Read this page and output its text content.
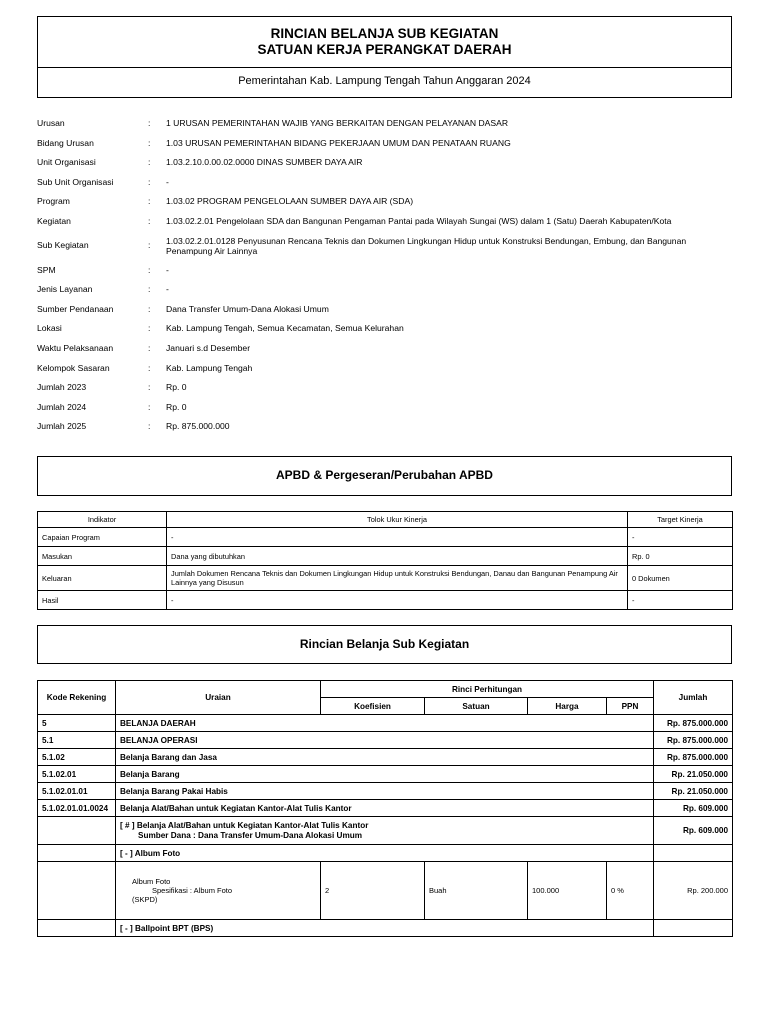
RINCIAN BELANJA SUB KEGIATAN
SATUAN KERJA PERANGKAT DAERAH
Pemerintahan Kab. Lampung Tengah Tahun Anggaran 2024
Urusan	: 1 URUSAN PEMERINTAHAN WAJIB YANG BERKAITAN DENGAN PELAYANAN DASAR
Bidang Urusan	: 1.03 URUSAN PEMERINTAHAN BIDANG PEKERJAAN UMUM DAN PENATAAN RUANG
Unit Organisasi	: 1.03.2.10.0.00.02.0000 DINAS SUMBER DAYA AIR
Sub Unit Organisasi	: -
Program	: 1.03.02 PROGRAM PENGELOLAAN SUMBER DAYA AIR (SDA)
Kegiatan	: 1.03.02.2.01 Pengelolaan SDA dan Bangunan Pengaman Pantai pada Wilayah Sungai (WS) dalam 1 (Satu) Daerah Kabupaten/Kota
Sub Kegiatan	: 1.03.02.2.01.0128 Penyusunan Rencana Teknis dan Dokumen Lingkungan Hidup untuk Konstruksi Bendungan, Embung, dan Bangunan Penampung Air Lainnya
SPM	: -
Jenis Layanan	: -
Sumber Pendanaan	: Dana Transfer Umum-Dana Alokasi Umum
Lokasi	: Kab. Lampung Tengah, Semua Kecamatan, Semua Kelurahan
Waktu Pelaksanaan	: Januari s.d Desember
Kelompok Sasaran	: Kab. Lampung Tengah
Jumlah 2023	: Rp. 0
Jumlah 2024	: Rp. 0
Jumlah 2025	: Rp. 875.000.000
APBD & Pergeseran/Perubahan APBD
Indikator	Tolok Ukur Kinerja	Target Kinerja
Capaian Program	-	-
Masukan	Dana yang dibutuhkan	Rp. 0
Keluaran	Jumlah Dokumen Rencana Teknis dan Dokumen Lingkungan Hidup untuk Konstruksi Bendungan, Danau dan Bangunan Penampung Air Lainnya yang Disusun	0 Dokumen
Hasil	-	-
Rincian Belanja Sub Kegiatan
Kode Rekening	Uraian	Rinci Perhitungan				Jumlah
		Koefisien	Satuan	Harga	PPN	
5	BELANJA DAERAH					Rp. 875.000.000
5.1	BELANJA OPERASI					Rp. 875.000.000
5.1.02	Belanja Barang dan Jasa					Rp. 875.000.000
5.1.02.01	Belanja Barang					Rp. 21.050.000
5.1.02.01.01	Belanja Barang Pakai Habis					Rp. 21.050.000
5.1.02.01.01.0024	Belanja Alat/Bahan untuk Kegiatan Kantor-Alat Tulis Kantor					Rp. 609.000

	[ # ] Belanja Alat/Bahan untuk Kegiatan Kantor-Alat Tulis Kantor
Sumber Dana : Dana Transfer Umum-Dana Alokasi Umum					Rp. 609.000
	[ - ] Album Foto					

	Album Foto
Spesifikasi : Album Foto
(SKPD)	2	Buah	100.000	0 %	Rp. 200.000
	[ - ] Ballpoint BPT (BPS)					
